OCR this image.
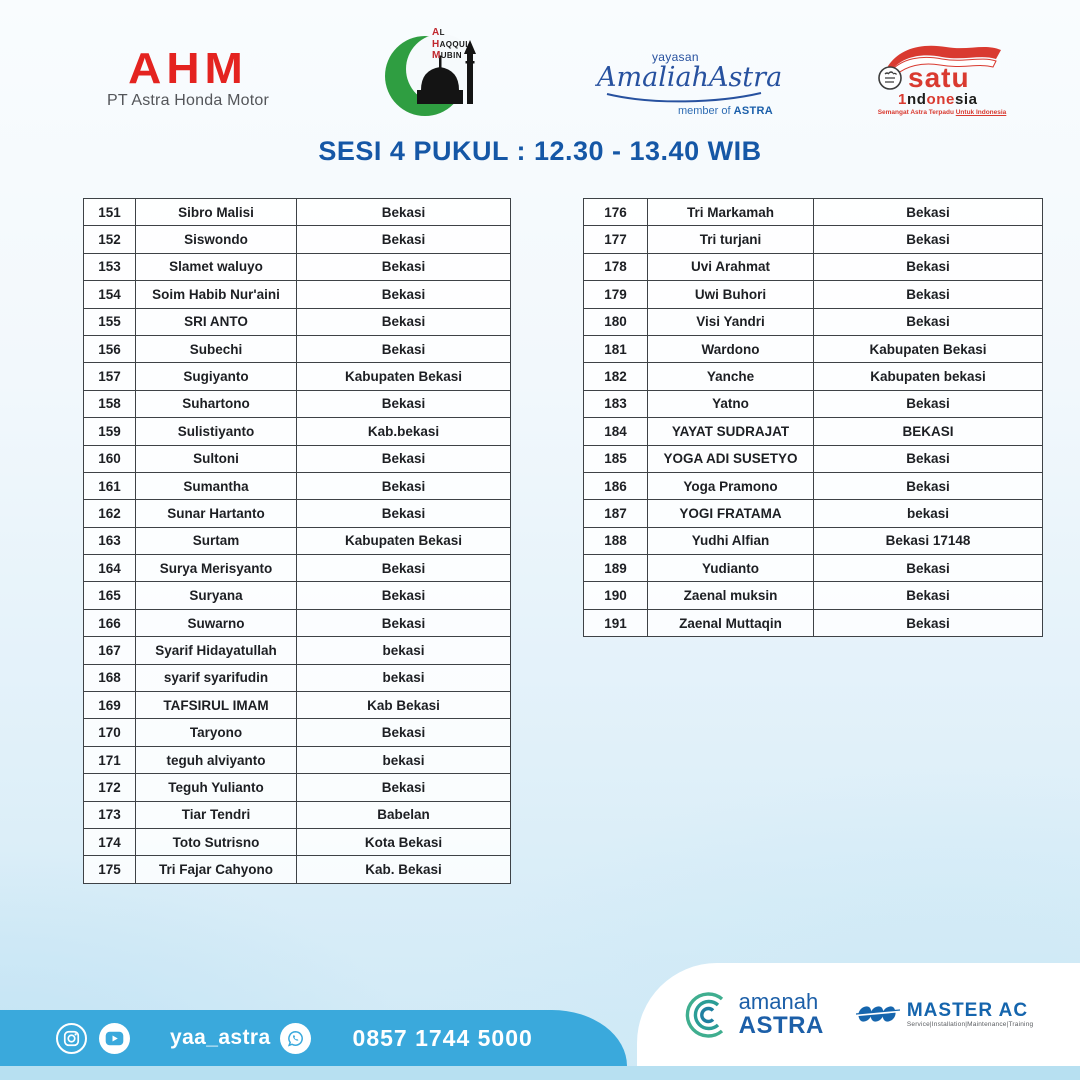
AHM
PT Astra Honda Motor
AL
HAQQUL
MUBIN	yayasan
AmaliahAstra
member of ASTRA
satu
1ndonesia
Semangat Astra Terpadu Untuk Indonesia
SESI 4 PUKUL : 12.30 - 13.40 WIB
151	Sibro Malisi	Bekasi
152	Siswondo	Bekasi
153	Slamet waluyo	Bekasi
154	Soim Habib Nur'aini	Bekasi
155	SRI ANTO	Bekasi
156	Subechi	Bekasi
157	Sugiyanto	Kabupaten Bekasi
158	Suhartono	Bekasi
159	Sulistiyanto	Kab.bekasi
160	Sultoni	Bekasi
161	Sumantha	Bekasi
162	Sunar Hartanto	Bekasi
163	Surtam	Kabupaten Bekasi
164	Surya Merisyanto	Bekasi
165	Suryana	Bekasi
166	Suwarno	Bekasi
167	Syarif Hidayatullah	bekasi
168	syarif syarifudin	bekasi
169	TAFSIRUL IMAM	Kab Bekasi
170	Taryono	Bekasi
171	teguh alviyanto	bekasi
172	Teguh Yulianto	Bekasi
173	Tiar Tendri	Babelan
174	Toto Sutrisno	Kota Bekasi
175	Tri Fajar Cahyono	Kab. Bekasi
176	Tri Markamah	Bekasi
177	Tri turjani	Bekasi
178	Uvi Arahmat	Bekasi
179	Uwi Buhori	Bekasi
180	Visi Yandri	Bekasi
181	Wardono	Kabupaten Bekasi
182	Yanche	Kabupaten bekasi
183	Yatno	Bekasi
184	YAYAT SUDRAJAT	BEKASI
185	YOGA ADI SUSETYO	Bekasi
186	Yoga Pramono	Bekasi
187	YOGI FRATAMA	bekasi
188	Yudhi Alfian	Bekasi 17148
189	Yudianto	Bekasi
190	Zaenal muksin	Bekasi
191	Zaenal Muttaqin	Bekasi
amanah
ASTRA
MASTER AC
Service|Installation|Maintenance|Training
yaa_astra	0857 1744 5000
